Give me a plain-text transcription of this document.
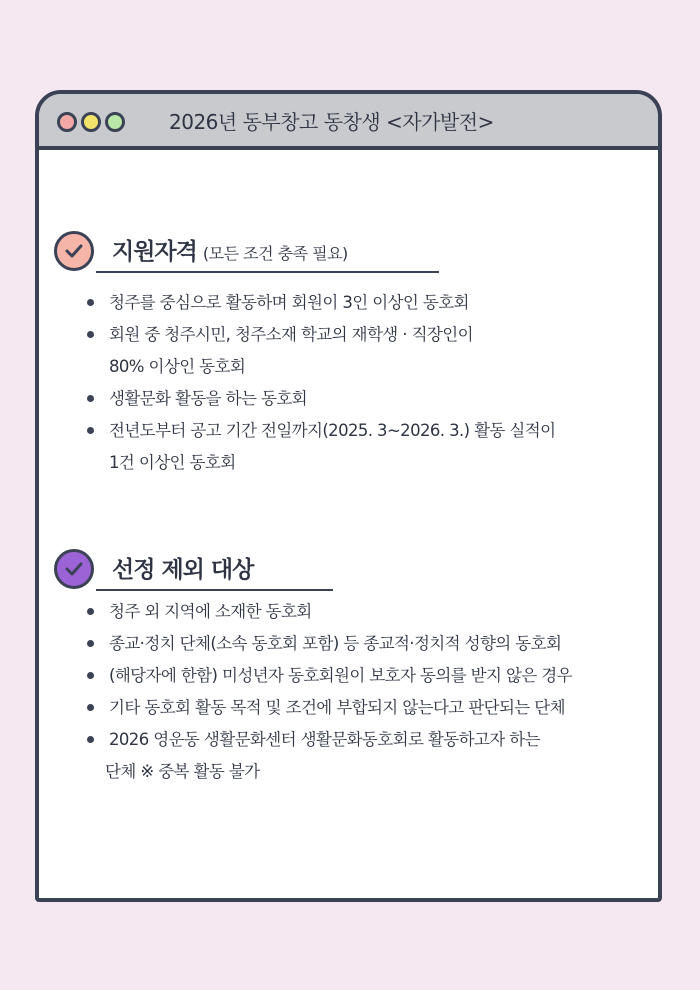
2026년 동부창고 동창생 <자가발전>
지원자격 (모든 조건 충족 필요)
청주를 중심으로 활동하며 회원이 3인 이상인 동호회
회원 중 청주시민, 청주소재 학교의 재학생 · 직장인이
80% 이상인 동호회
생활문화 활동을 하는 동호회
전년도부터 공고 기간 전일까지(2025. 3~2026. 3.) 활동 실적이
1건 이상인 동호회
선정 제외 대상
청주 외 지역에 소재한 동호회
종교·정치 단체(소속 동호회 포함) 등 종교적·정치적 성향의 동호회
(해당자에 한함) 미성년자 동호회원이 보호자 동의를 받지 않은 경우
기타 동호회 활동 목적 및 조건에 부합되지 않는다고 판단되는 단체
2026 영운동 생활문화센터 생활문화동호회로 활동하고자 하는
단체 ※ 중복 활동 불가
